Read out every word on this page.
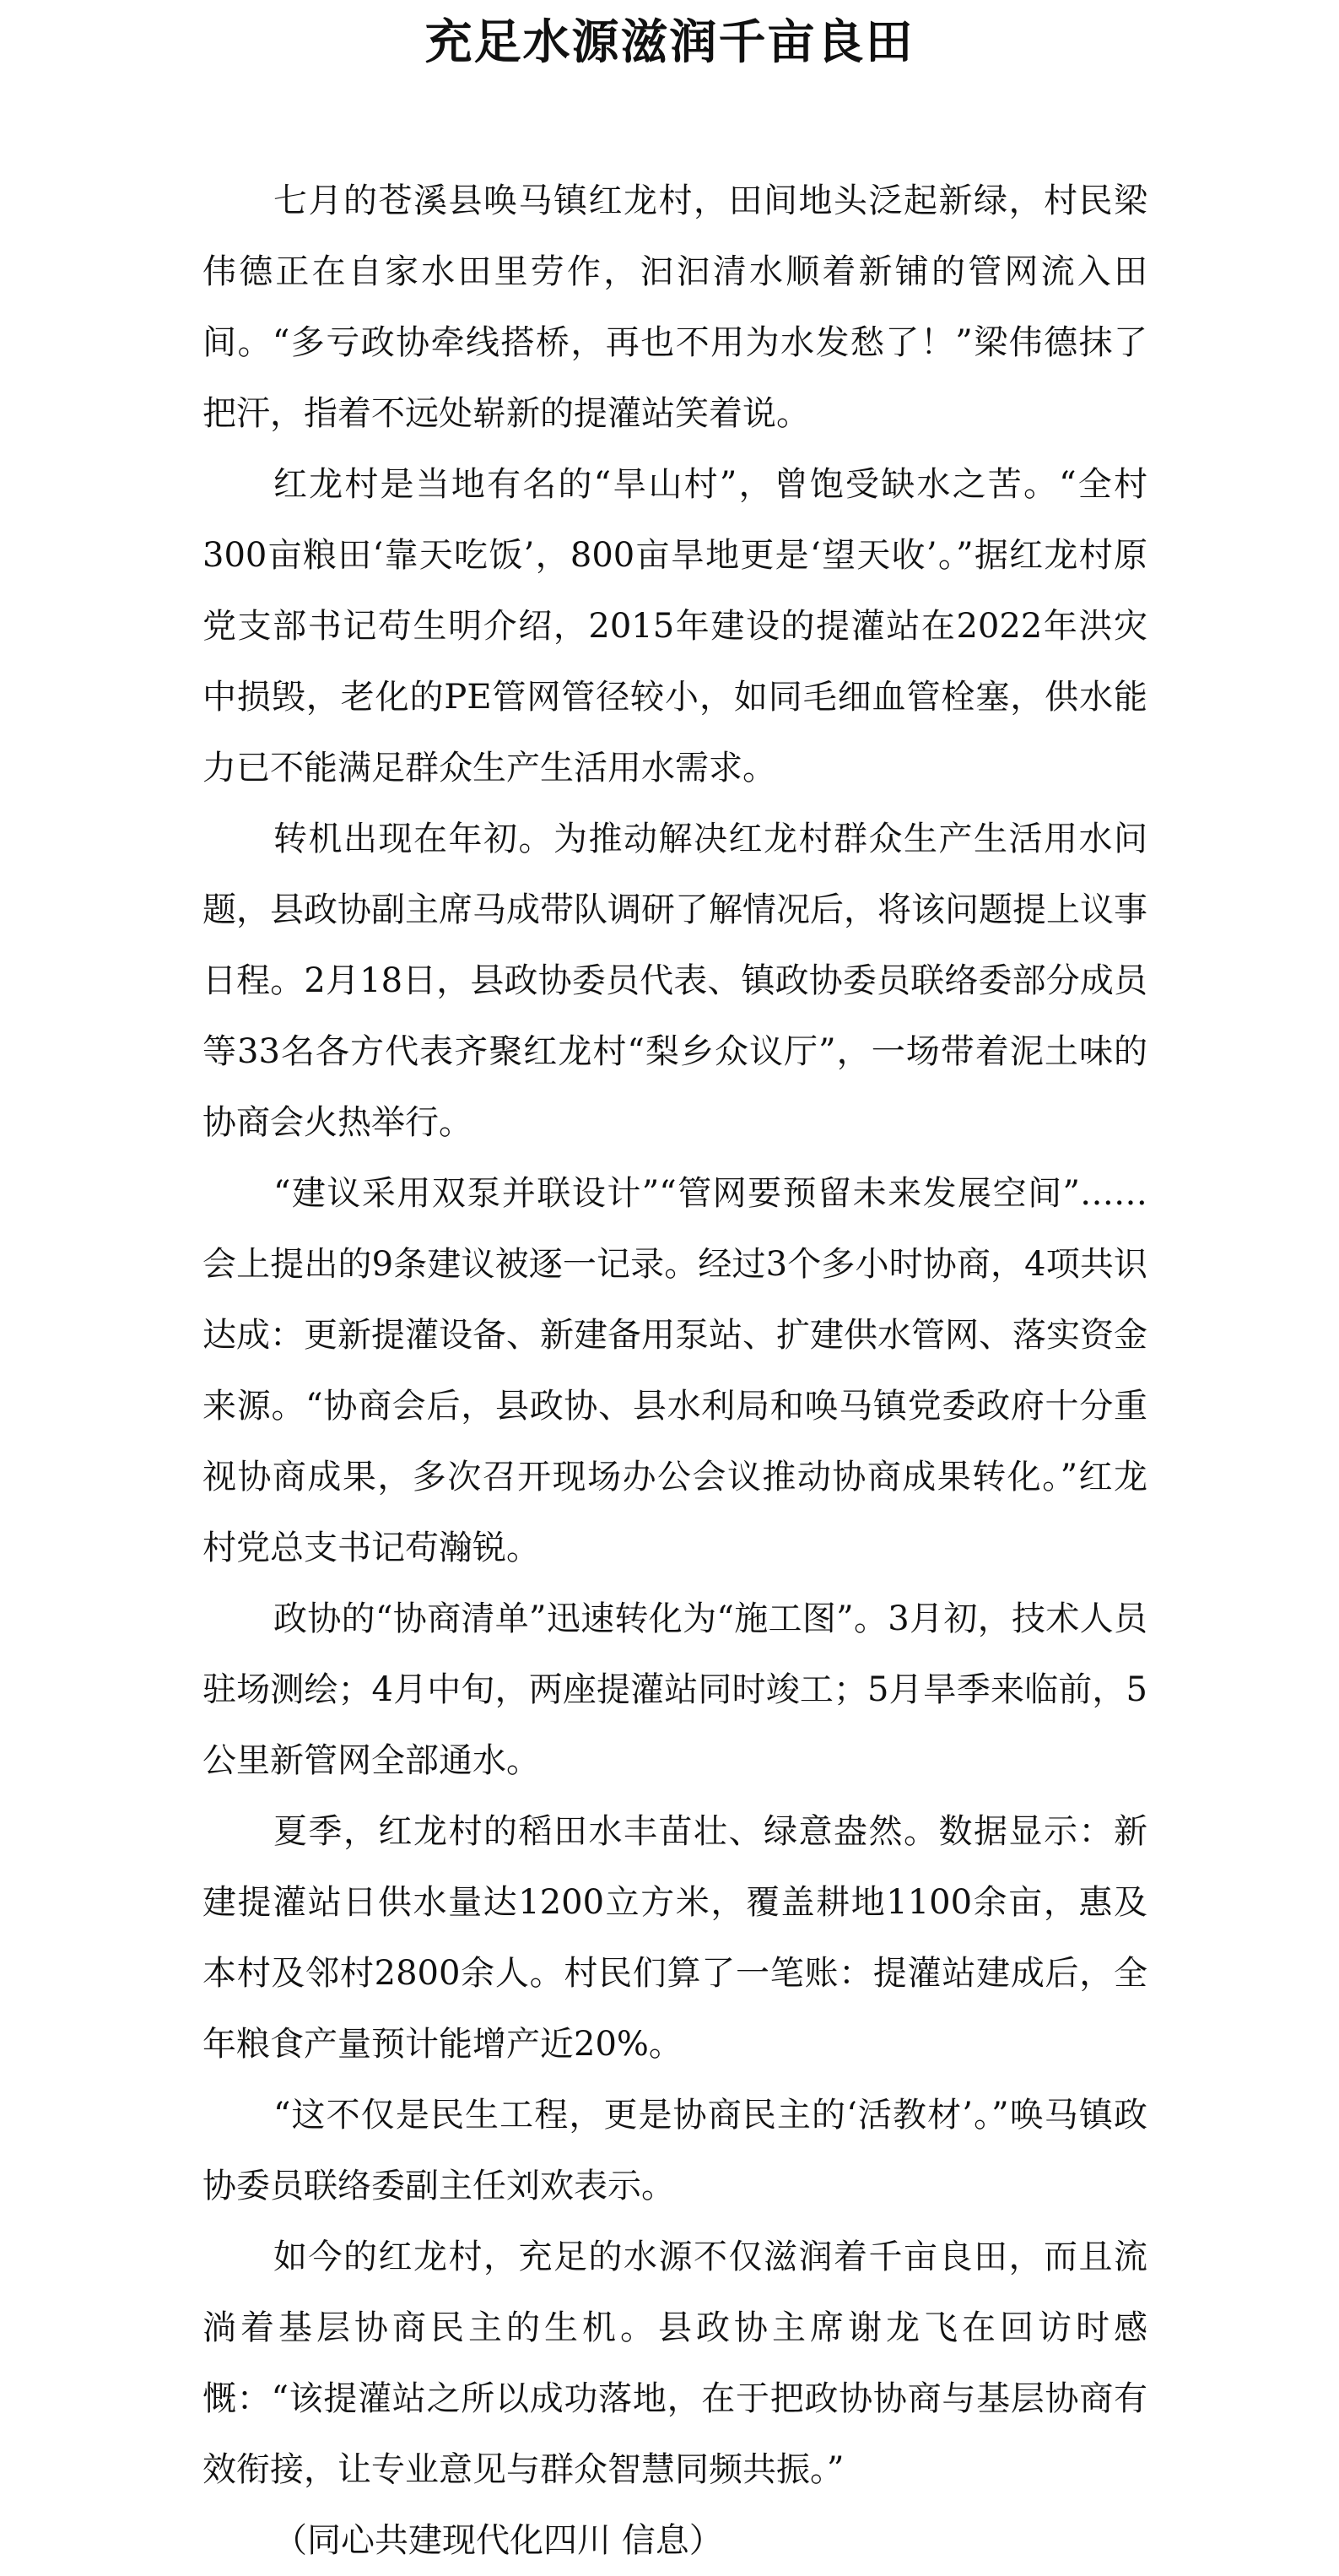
充足水源滋润千亩良田

七月的苍溪县唤马镇红龙村，田间地头泛起新绿，村民梁伟德正在自家水田里劳作，汩汩清水顺着新铺的管网流入田间。“多亏政协牵线搭桥，再也不用为水发愁了！”梁伟德抹了把汗，指着不远处崭新的提灌站笑着说。

红龙村是当地有名的“旱山村”，曾饱受缺水之苦。“全村300亩粮田‘靠天吃饭’，800亩旱地更是‘望天收’。”据红龙村原党支部书记苟生明介绍，2015年建设的提灌站在2022年洪灾中损毁，老化的PE管网管径较小，如同毛细血管栓塞，供水能力已不能满足群众生产生活用水需求。

转机出现在年初。为推动解决红龙村群众生产生活用水问题，县政协副主席马成带队调研了解情况后，将该问题提上议事日程。2月18日，县政协委员代表、镇政协委员联络委部分成员等33名各方代表齐聚红龙村“梨乡众议厅”，一场带着泥土味的协商会火热举行。

“建议采用双泵并联设计”“管网要预留未来发展空间”……会上提出的9条建议被逐一记录。经过3个多小时协商，4项共识达成：更新提灌设备、新建备用泵站、扩建供水管网、落实资金来源。“协商会后，县政协、县水利局和唤马镇党委政府十分重视协商成果，多次召开现场办公会议推动协商成果转化。”红龙村党总支书记苟瀚锐。

政协的“协商清单”迅速转化为“施工图”。3月初，技术人员驻场测绘；4月中旬，两座提灌站同时竣工；5月旱季来临前，5公里新管网全部通水。

夏季，红龙村的稻田水丰苗壮、绿意盎然。数据显示：新建提灌站日供水量达1200立方米，覆盖耕地1100余亩，惠及本村及邻村2800余人。村民们算了一笔账：提灌站建成后，全年粮食产量预计能增产近20%。

“这不仅是民生工程，更是协商民主的‘活教材’。”唤马镇政协委员联络委副主任刘欢表示。

如今的红龙村，充足的水源不仅滋润着千亩良田，而且流淌着基层协商民主的生机。县政协主席谢龙飞在回访时感慨：“该提灌站之所以成功落地，在于把政协协商与基层协商有效衔接，让专业意见与群众智慧同频共振。”

（同心共建现代化四川 信息）
